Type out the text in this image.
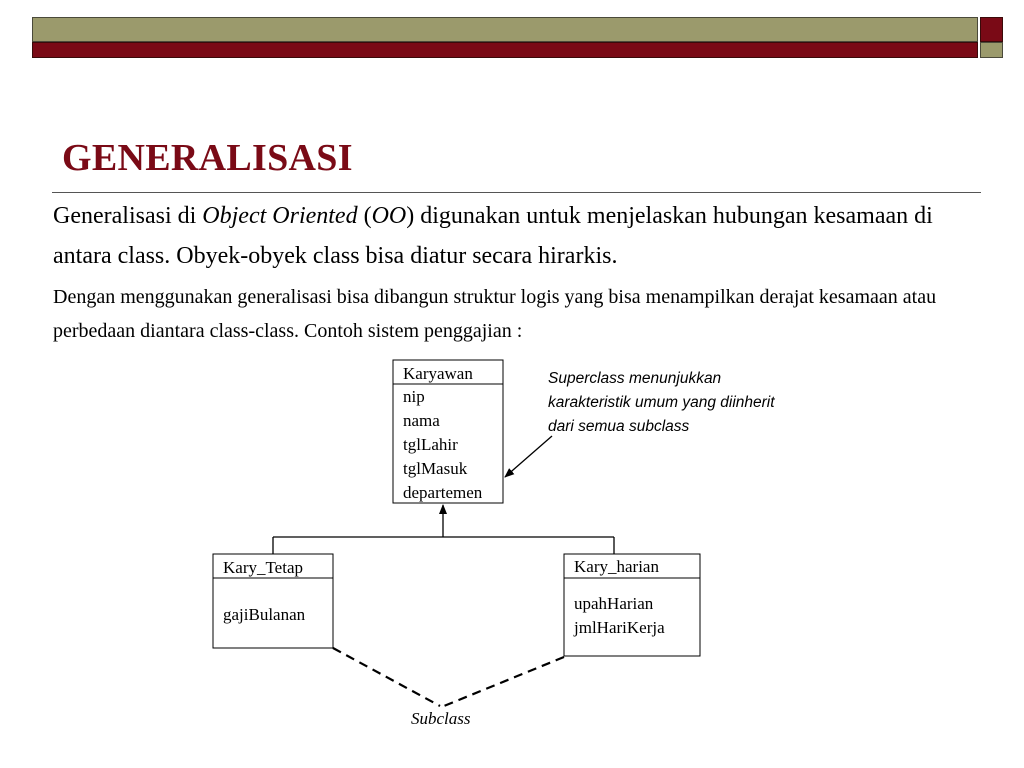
GENERALISASI

Generalisasi di Object Oriented (OO) digunakan untuk menjelaskan hubungan kesamaan di antara class. Obyek-obyek class bisa diatur secara hirarkis.

Dengan menggunakan generalisasi bisa dibangun struktur logis yang bisa menampilkan derajat kesamaan atau perbedaan diantara class-class. Contoh sistem penggajian :

Karyawan
nip
nama
tglLahir
tglMasuk
departemen
Kary_Tetap
gajiBulanan
Kary_harian
upahHarian
jmlHariKerja
Superclass menunjukkan
karakteristik umum yang diinherit
dari semua subclass
Subclass
